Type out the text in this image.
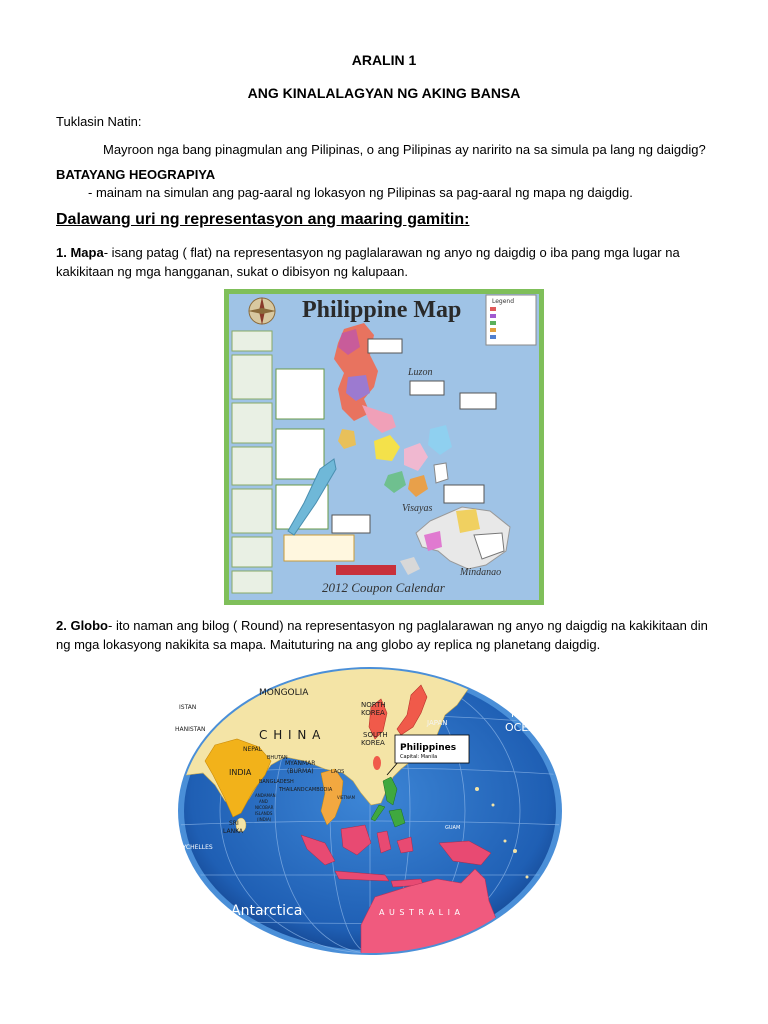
ARALIN 1

ANG KINALALAGYAN NG AKING BANSA

Tuklasin Natin:

Mayroon nga bang pinagmulan ang Pilipinas, o ang Pilipinas ay naririto na sa simula pa lang ng daigdig?

BATAYANG HEOGRAPIYA

- mainam na simulan ang pag-aaral ng lokasyon ng Pilipinas sa pag-aaral ng mapa ng daigdig.

Dalawang uri ng representasyon ang maaring gamitin:

1. Mapa- isang patag ( flat) na representasyon ng paglalarawan ng anyo ng daigdig o iba pang mga lugar na kakikitaan ng mga hangganan, sukat o dibisyon ng kalupaan.

Philippine Map	Legend
Luzon
Visayas
Mindanao
2012 Coupon Calendar

2. Globo- ito naman ang bilog ( Round) na representasyon ng paglalarawan ng anyo ng daigdig na kakikitaan din ng mga lokasyong nakikita sa mapa. Maituturing na ang globo ay replica ng planetang daigdig.

MONGOLIA
C H I N A
NORTH
KOREA
SOUTH
KOREA
JAPAN
Nor
OCEA
ISTAN
HANISTAN
NEPAL
BHUTAN
INDIA
MYANMAR
(BURMA)	LAOS
BANGLADESH
THAILAND CAMBODIA
VIETNAM
ANDAMAN
AND
NICOBAR
ISLANDS
(INDIA)
SRI
LANKA
SEYCHELLES
GUAM
Antarctica	A U S T R A L I A
Philippines
Capital: Manila
